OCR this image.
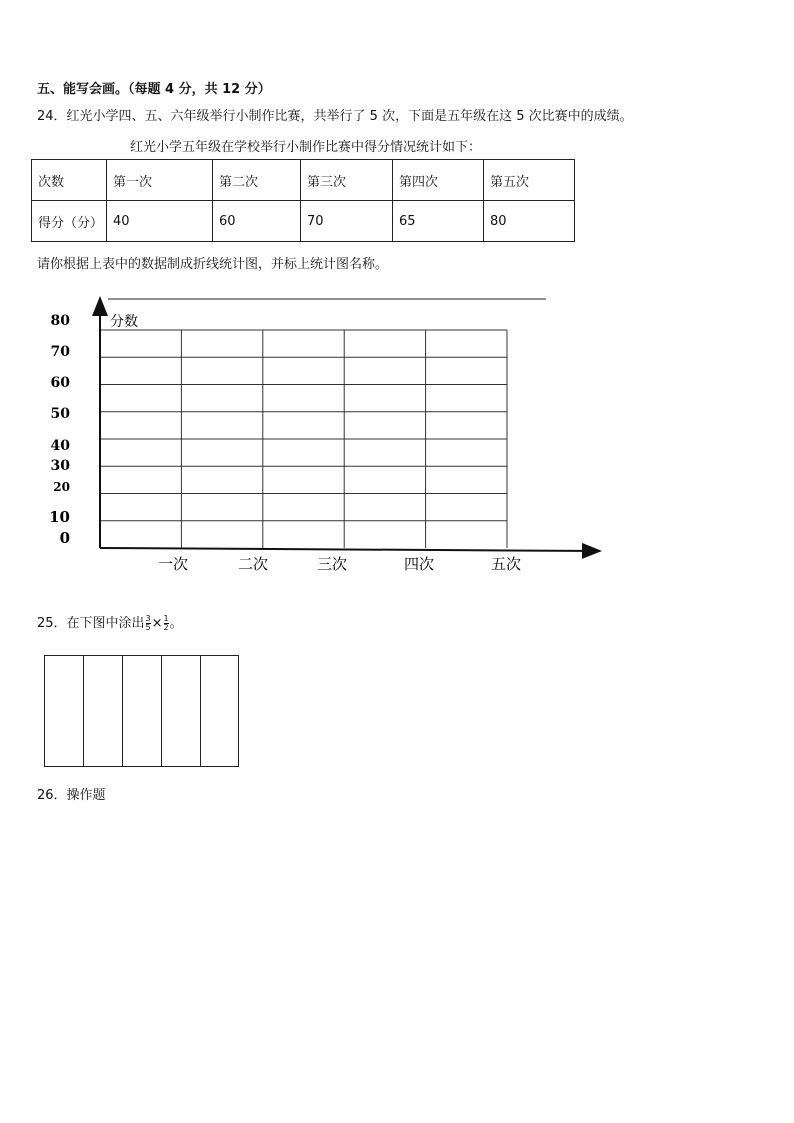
五、能写会画。（每题 4 分，共 12 分）
24．红光小学四、五、六年级举行小制作比赛，共举行了 5 次，下面是五年级在这 5 次比赛中的成绩。
红光小学五年级在学校举行小制作比赛中得分情况统计如下：
次数	第一次	第二次	第三次	第四次	第五次
得分（分）	40	60	70	65	80
请你根据上表中的数据制成折线统计图，并标上统计图名称。
分数
80
70
60
50
40
30
20
10
0
一次	二次	三次	四次	五次
25．在下图中涂出 $\frac{3}{5} \times \frac{1}{2}$ 。
26．操作题
